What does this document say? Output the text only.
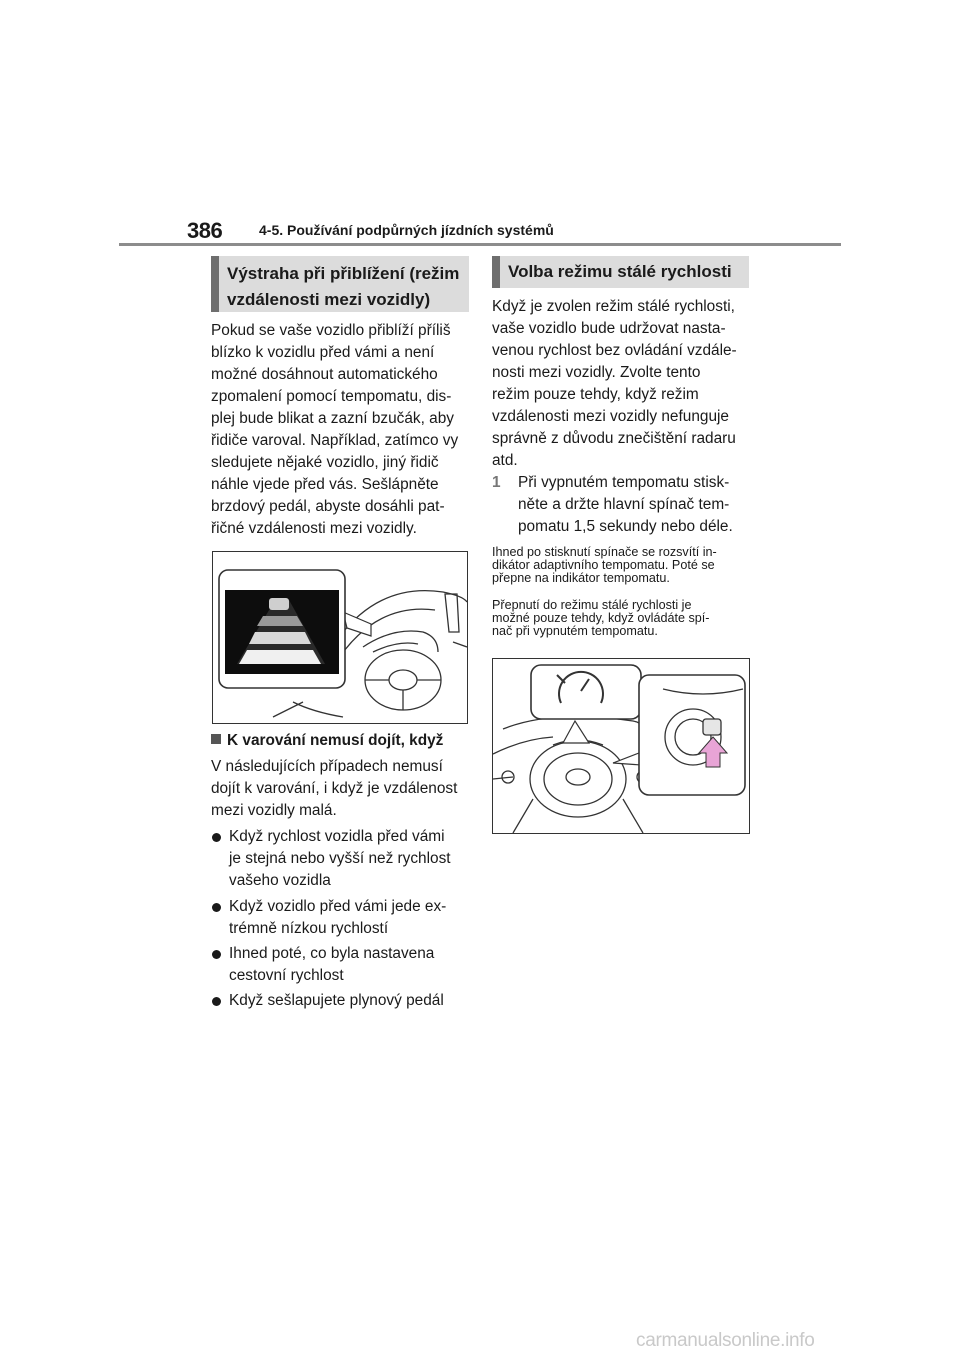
386	4-5. Používání podpůrných jízdních systémů
Výstraha při přiblížení (režim
vzdálenosti mezi vozidly)

Pokud se vaše vozidlo přiblíží příliš
blízko k vozidlu před vámi a není
možné dosáhnout automatického
zpomalení pomocí tempomatu, dis-
plej bude blikat a zazní bzučák, aby
řidiče varoval. Například, zatímco vy
sledujete nějaké vozidlo, jiný řidič
náhle vjede před vás. Sešlápněte
brzdový pedál, abyste dosáhli pat-
řičné vzdálenosti mezi vozidly.

K varování nemusí dojít, když

V následujících případech nemusí
dojít k varování, i když je vzdálenost
mezi vozidly malá.

Když rychlost vozidla před vámi
je stejná nebo vyšší než rychlost
vašeho vozidla
Když vozidlo před vámi jede ex-
trémně nízkou rychlostí
Ihned poté, co byla nastavena
cestovní rychlost
Když sešlapujete plynový pedál
Volba režimu stálé rychlosti

Když je zvolen režim stálé rychlosti,
vaše vozidlo bude udržovat nasta-
venou rychlost bez ovládání vzdále-
nosti mezi vozidly. Zvolte tento
režim pouze tehdy, když režim
vzdálenosti mezi vozidly nefunguje
správně z důvodu znečištění radaru
atd.

1 Při vypnutém tempomatu stisk-
něte a držte hlavní spínač tem-
pomatu 1,5 sekundy nebo déle.

Ihned po stisknutí spínače se rozsvítí in-
dikátor adaptivního tempomatu. Poté se
přepne na indikátor tempomatu.

Přepnutí do režimu stálé rychlosti je
možné pouze tehdy, když ovládáte spí-
nač při vypnutém tempomatu.

carmanualsonline.info
